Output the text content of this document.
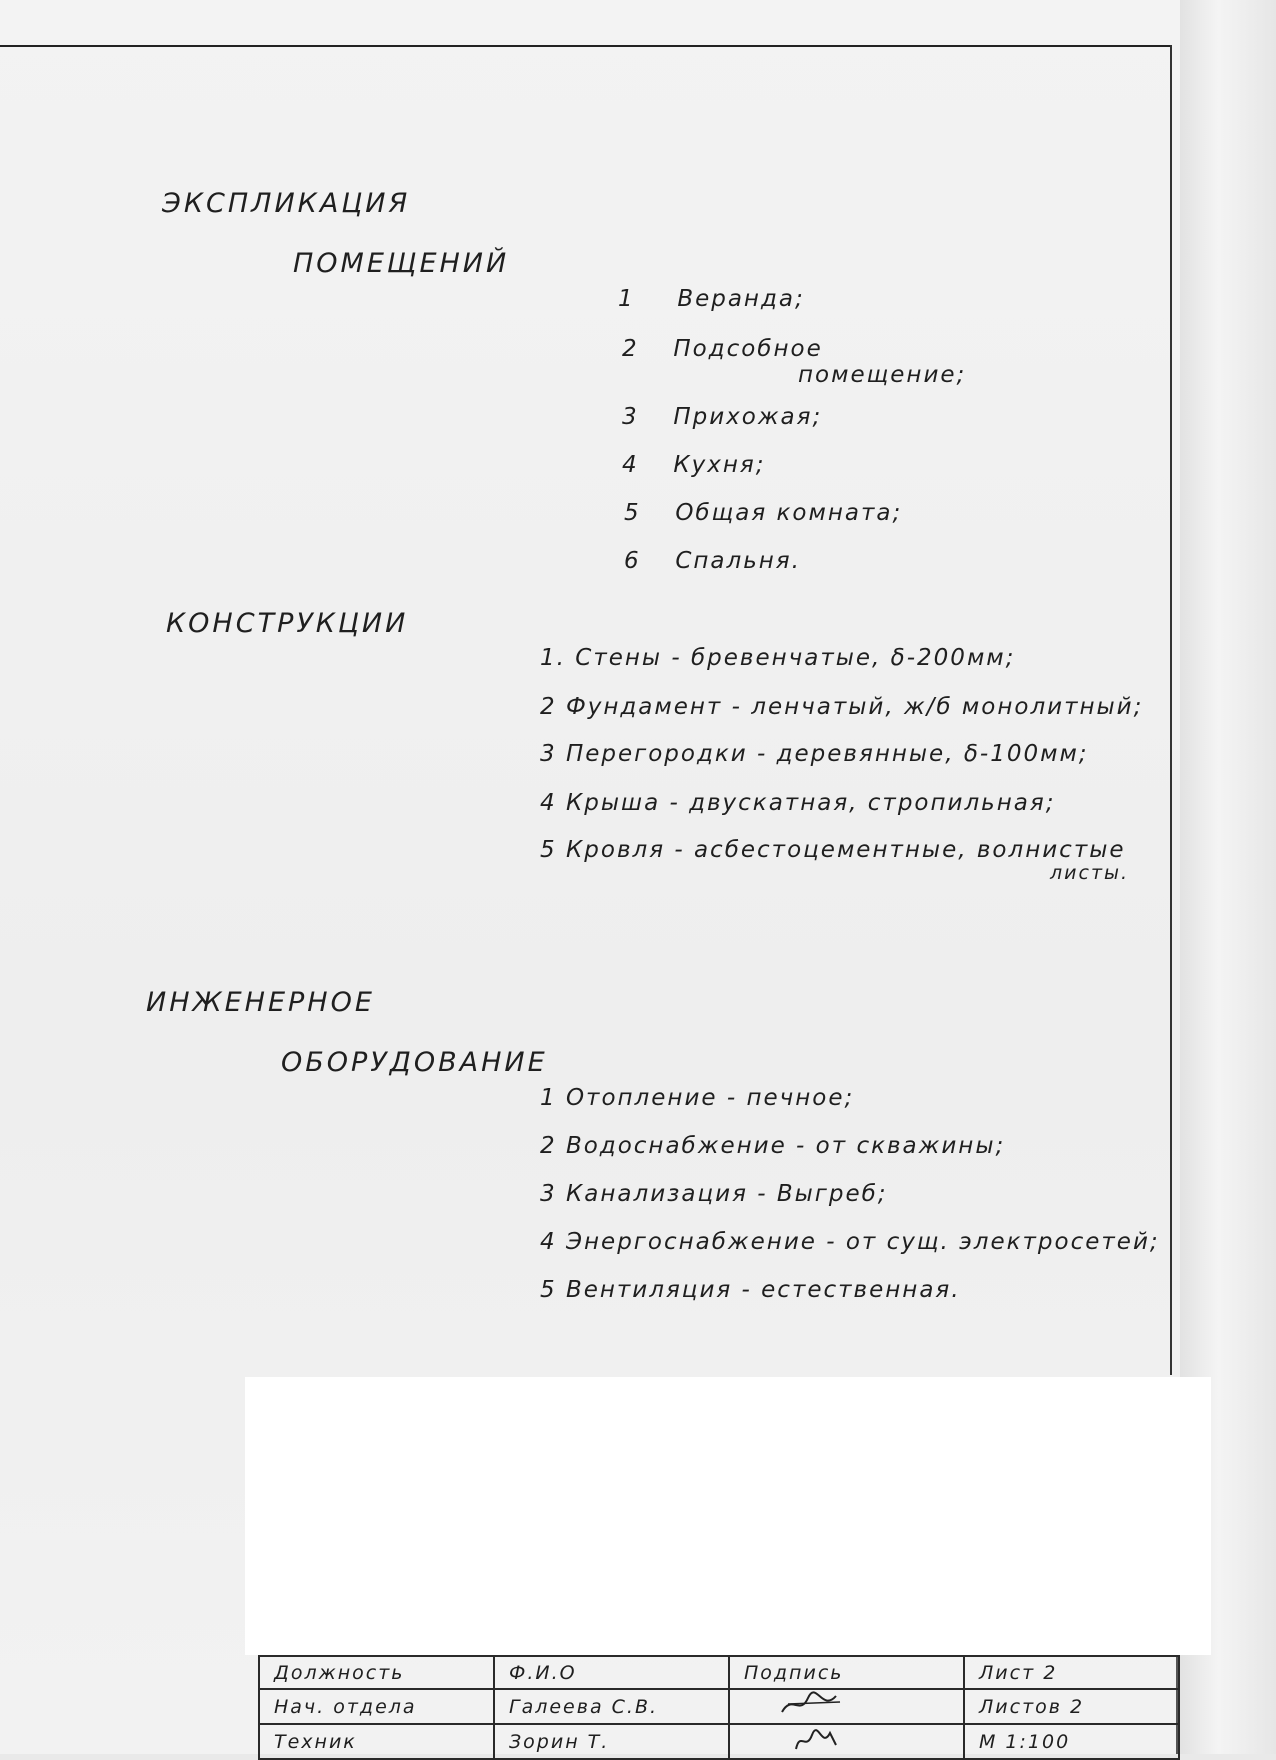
ЭКСПЛИКАЦИЯ
ПОМЕЩЕНИЙ
1 Веранда;
2 Подсобное
помещение;
3 Прихожая;
4 Кухня;
5 Общая комната;
6 Спальня.
КОНСТРУКЦИИ
1. Стены - бревенчатые, δ-200мм;
2 Фундамент - ленчатый, ж/б монолитный;
3 Перегородки - деревянные, δ-100мм;
4 Крыша - двускатная, стропильная;
5 Кровля - асбестоцементные, волнистые
листы.
ИНЖЕНЕРНОЕ
ОБОРУДОВАНИЕ
1 Отопление - печное;
2 Водоснабжение - от скважины;
3 Канализация - Выгреб;
4 Энергоснабжение - от сущ. электросетей;
5 Вентиляция - естественная.
Должность	Ф.И.О	Подпись	Лист 2
Нач. отдела	Галеева С.В.		Листов 2
Техник	Зорин Т.		М 1:100
